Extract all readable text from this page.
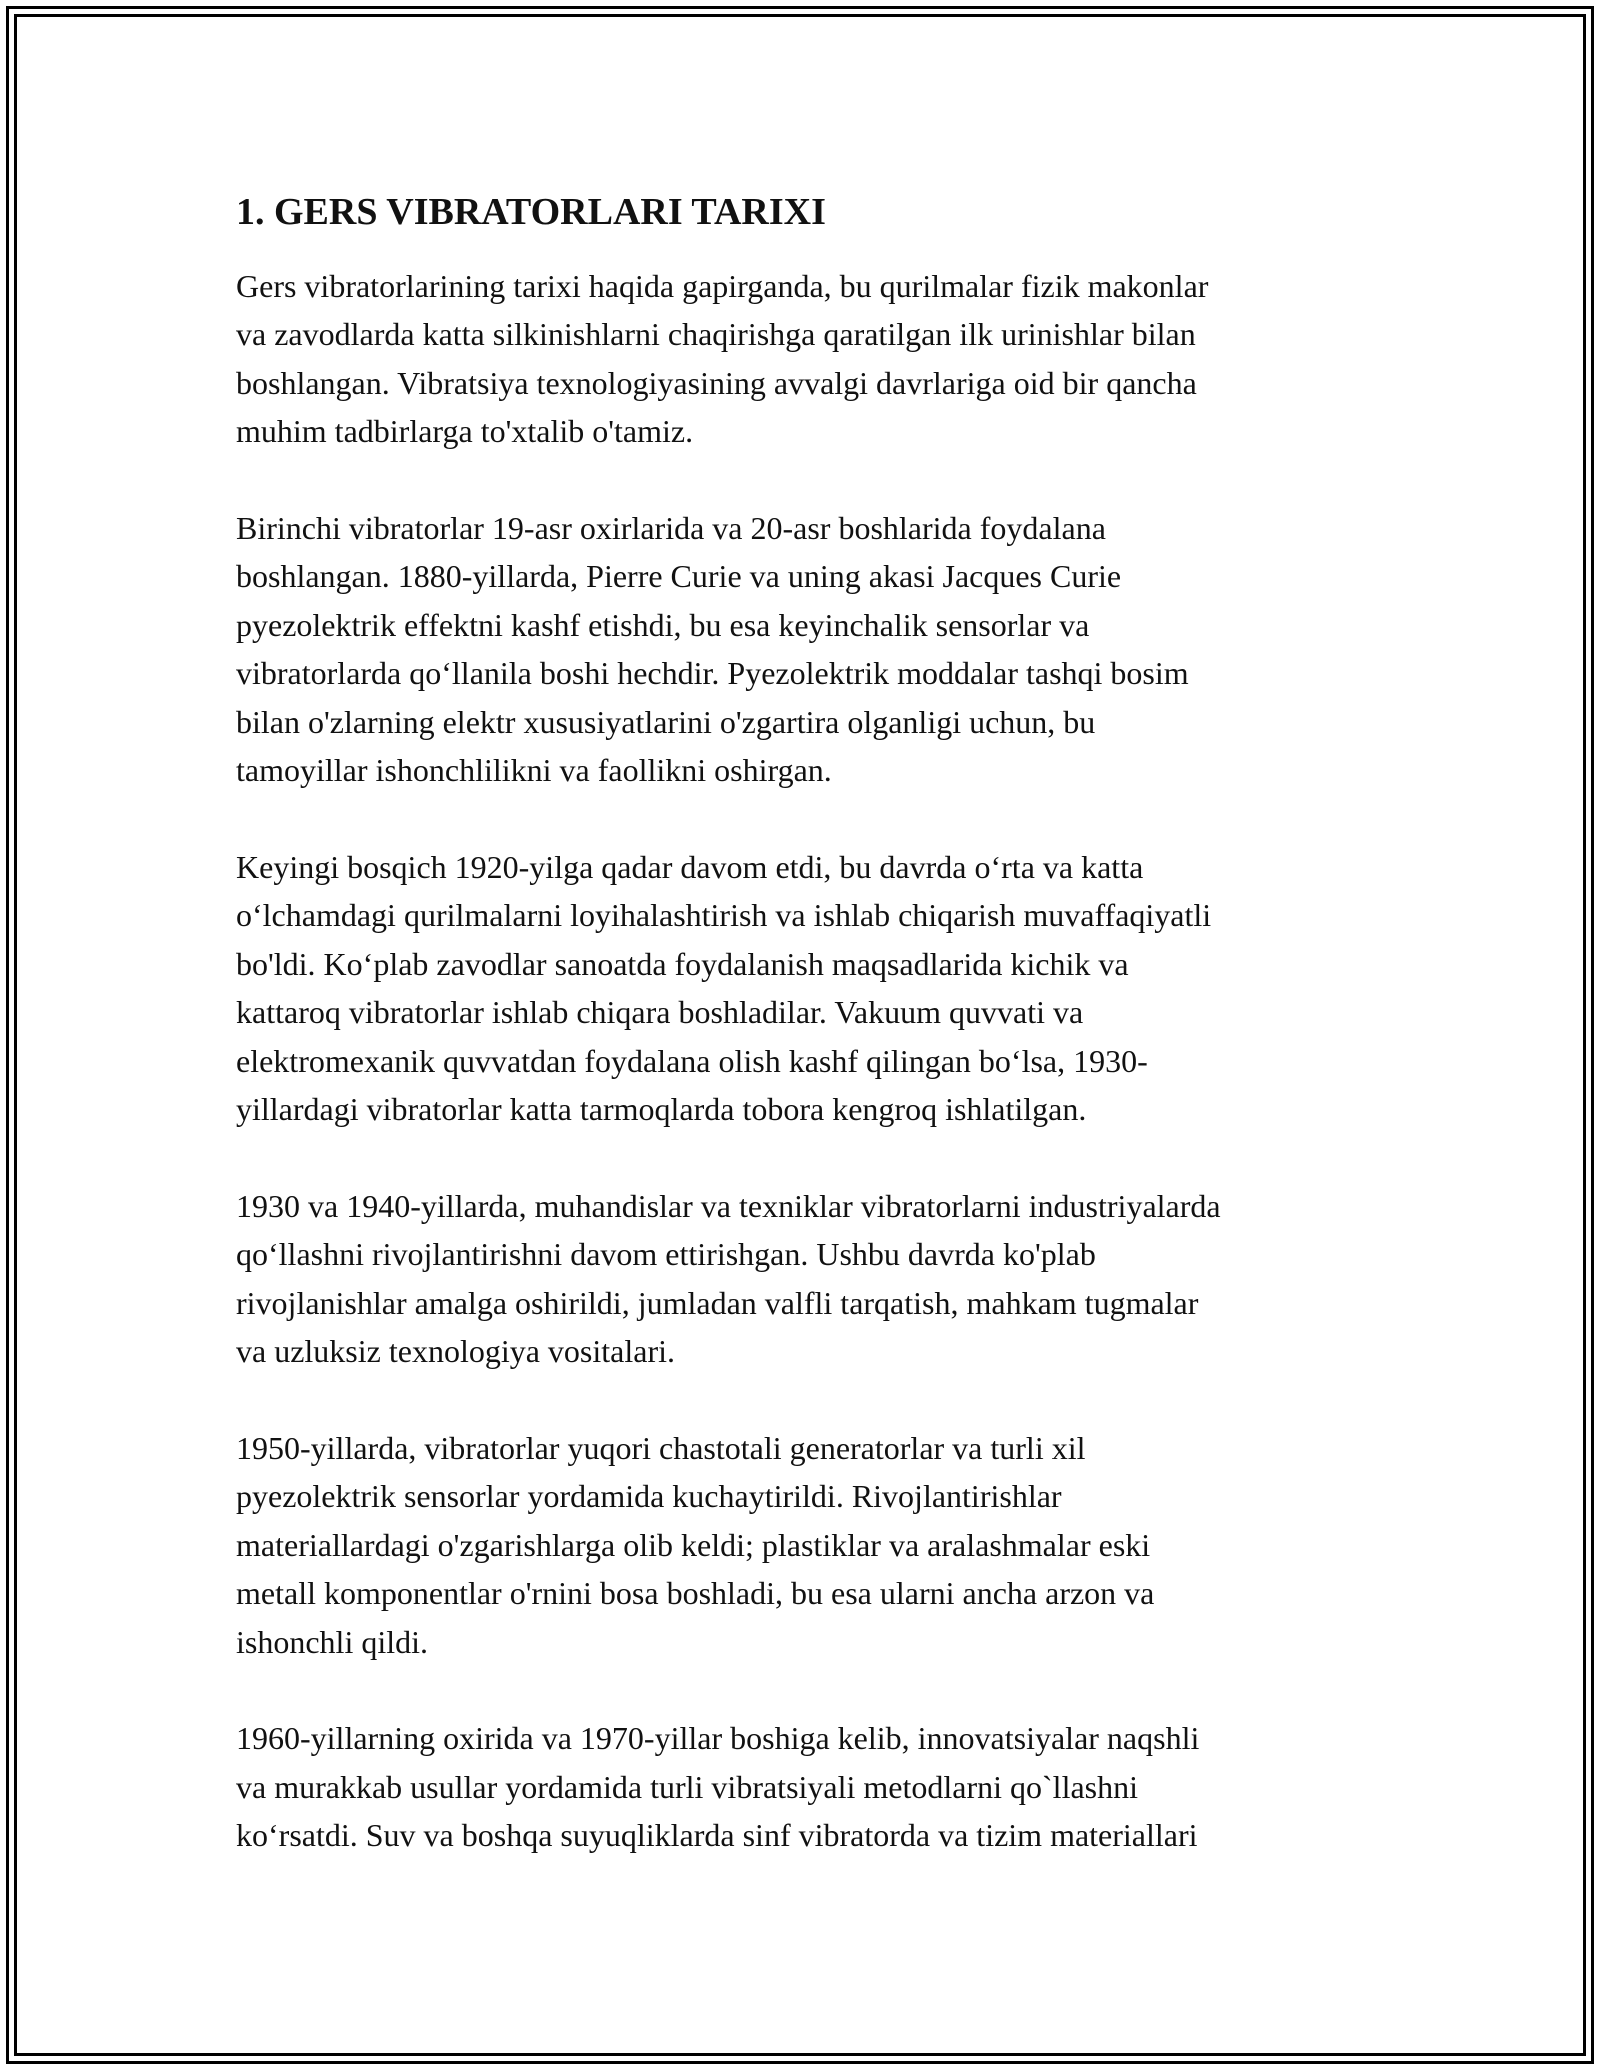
1. GERS VIBRATORLARI TARIXI
Gers vibratorlarining tarixi haqida gapirganda, bu qurilmalar fizik makonlar
va zavodlarda katta silkinishlarni chaqirishga qaratilgan ilk urinishlar bilan
boshlangan. Vibratsiya texnologiyasining avvalgi davrlariga oid bir qancha
muhim tadbirlarga to'xtalib o'tamiz.
Birinchi vibratorlar 19-asr oxirlarida va 20-asr boshlarida foydalana
boshlangan. 1880-yillarda, Pierre Curie va uning akasi Jacques Curie
pyezolektrik effektni kashf etishdi, bu esa keyinchalik sensorlar va
vibratorlarda qo‘llanila boshi hechdir. Pyezolektrik moddalar tashqi bosim
bilan o'zlarning elektr xususiyatlarini o'zgartira olganligi uchun, bu
tamoyillar ishonchlilikni va faollikni oshirgan.
Keyingi bosqich 1920-yilga qadar davom etdi, bu davrda o‘rta va katta
o‘lchamdagi qurilmalarni loyihalashtirish va ishlab chiqarish muvaffaqiyatli
bo'ldi. Ko‘plab zavodlar sanoatda foydalanish maqsadlarida kichik va
kattaroq vibratorlar ishlab chiqara boshladilar. Vakuum quvvati va
elektromexanik quvvatdan foydalana olish kashf qilingan bo‘lsa, 1930-
yillardagi vibratorlar katta tarmoqlarda tobora kengroq ishlatilgan.
1930 va 1940-yillarda, muhandislar va texniklar vibratorlarni industriyalarda
qo‘llashni rivojlantirishni davom ettirishgan. Ushbu davrda ko'plab
rivojlanishlar amalga oshirildi, jumladan valfli tarqatish, mahkam tugmalar
va uzluksiz texnologiya vositalari.
1950-yillarda, vibratorlar yuqori chastotali generatorlar va turli xil
pyezolektrik sensorlar yordamida kuchaytirildi. Rivojlantirishlar
materiallardagi o'zgarishlarga olib keldi; plastiklar va aralashmalar eski
metall komponentlar o'rnini bosa boshladi, bu esa ularni ancha arzon va
ishonchli qildi.
1960-yillarning oxirida va 1970-yillar boshiga kelib, innovatsiyalar naqshli
va murakkab usullar yordamida turli vibratsiyali metodlarni qo`llashni
ko‘rsatdi. Suv va boshqa suyuqliklarda sinf vibratorda va tizim materiallari
